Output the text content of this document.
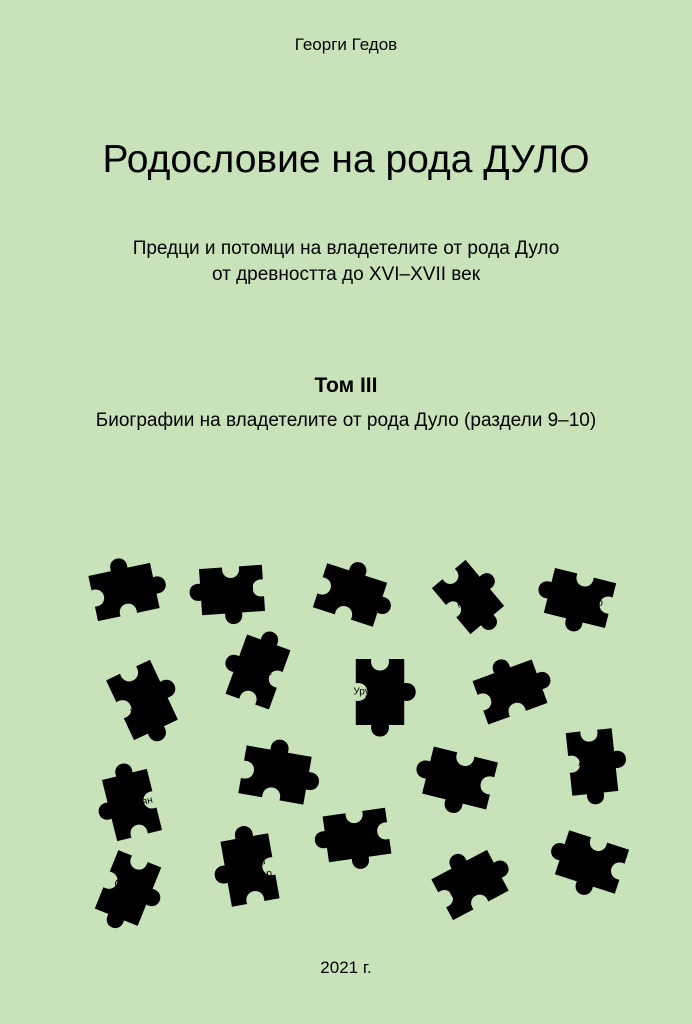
Георги Гедов
Родословие на рода ДУЛО
Предци и потомци на владетелите от рода Дуло
от древността до XVI–XVII век
Том III
Биографии на владетелите от рода Дуло (раздели 9–10)
Иджик	Авитохол	Агарджа	Атила	Баламбер
Кубрат
Арбат
Урус Айдар	Ирник
Бат Боян
Кубер	Котраг
Алцек
Аспарух
Севар
Алмиш
Джагфар	Шах Гали
Рюрик
2021 г.
